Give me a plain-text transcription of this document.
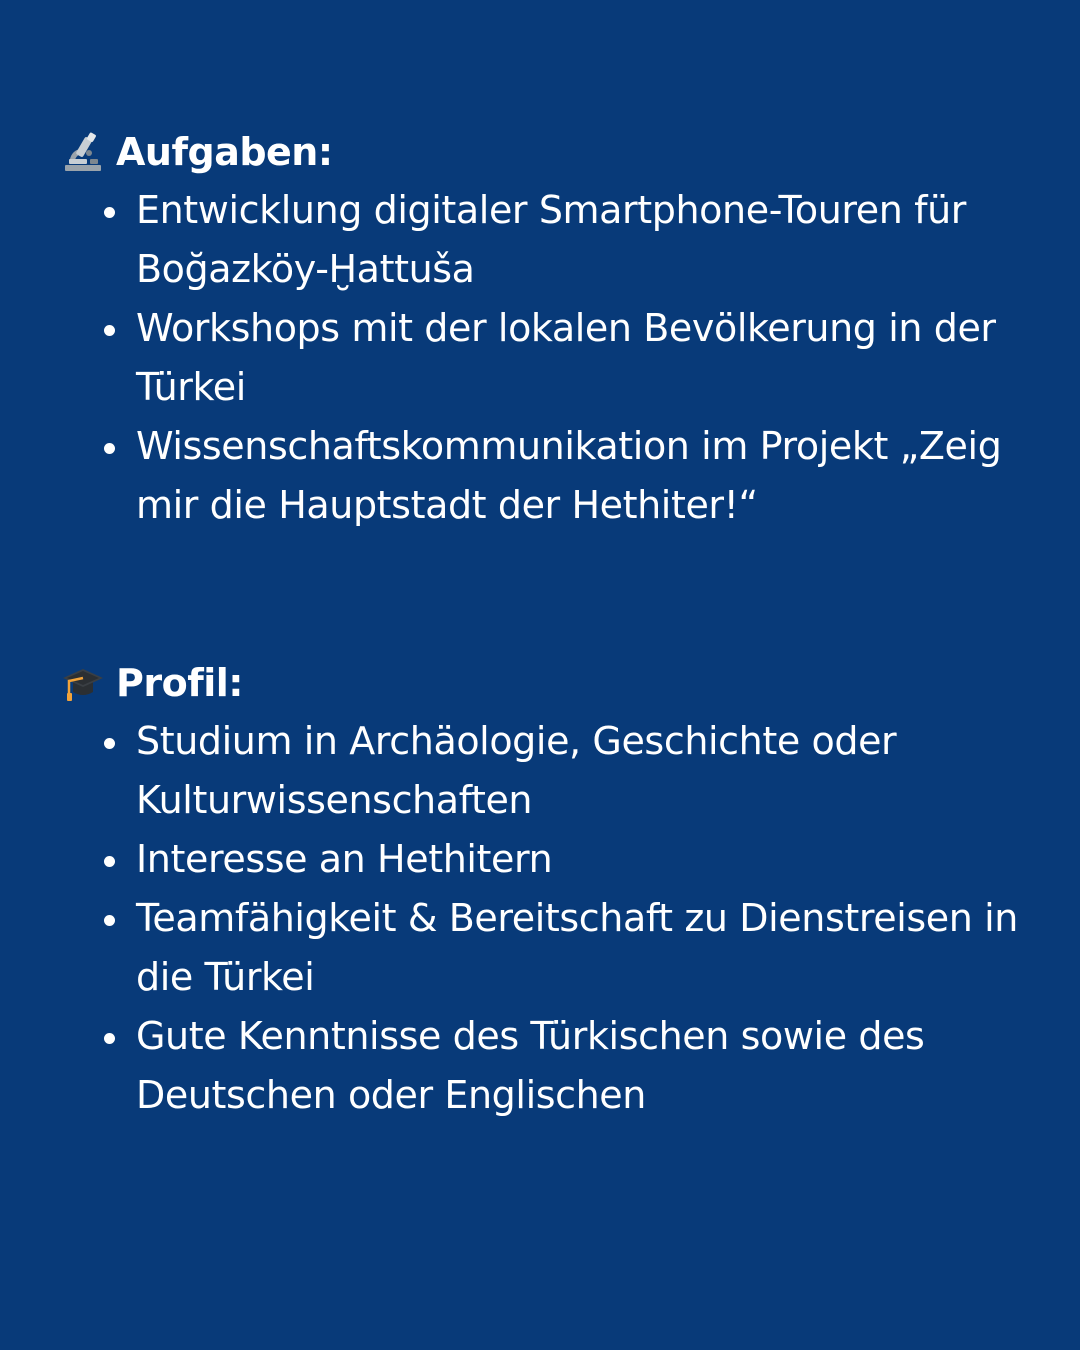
Aufgaben:
Entwicklung digitaler Smartphone-Touren für Boğazköy-Ḫattuša
Workshops mit der lokalen Bevölkerung in der Türkei
Wissenschaftskommunikation im Projekt „Zeig mir die Hauptstadt der Hethiter!“
Profil:
Studium in Archäologie, Geschichte oder Kulturwissenschaften
Interesse an Hethitern
Teamfähigkeit & Bereitschaft zu Dienstreisen in die Türkei
Gute Kenntnisse des Türkischen sowie des Deutschen oder Englischen
